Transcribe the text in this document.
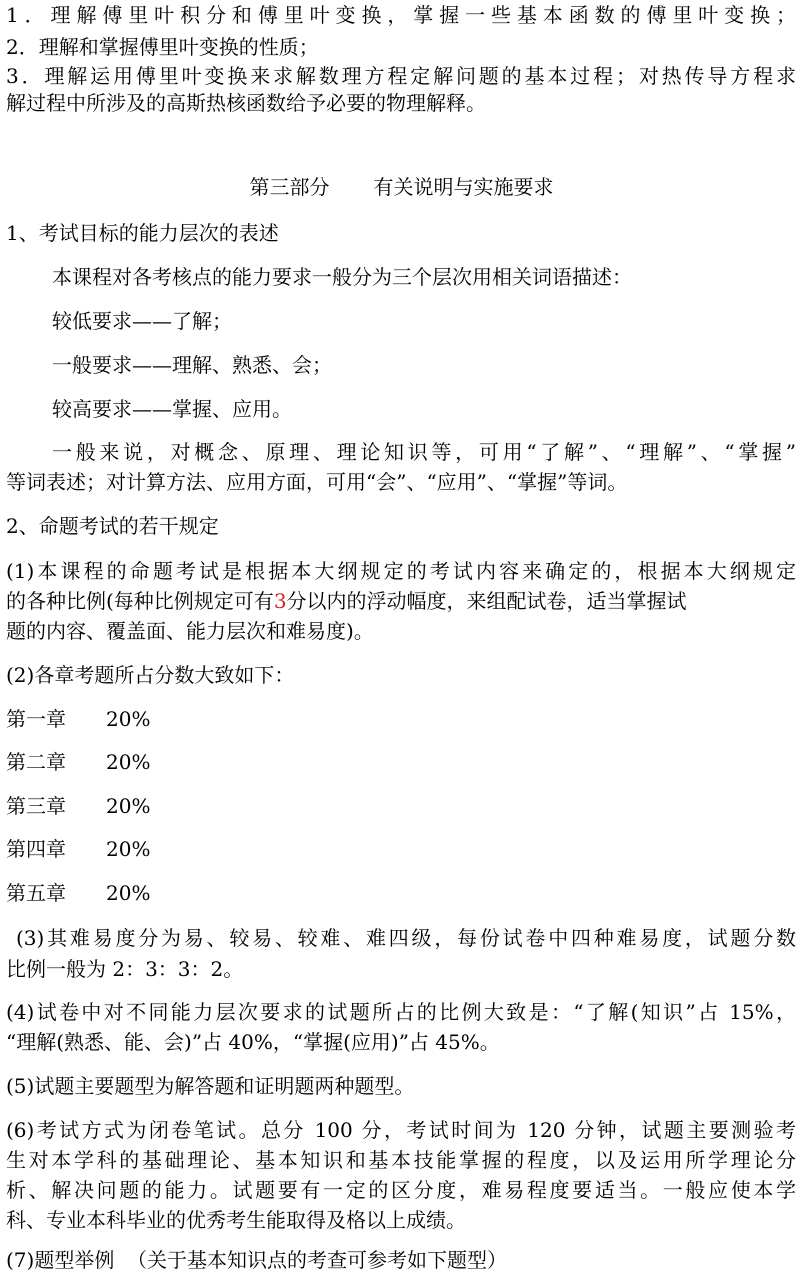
1．理解傅里叶积分和傅里叶变换，掌握一些基本函数的傅里叶变换；
2．理解和掌握傅里叶变换的性质；
3．理解运用傅里叶变换来求解数理方程定解问题的基本过程；对热传导方程求
解过程中所涉及的高斯热核函数给予必要的物理解释。
第三部分 有关说明与实施要求
1、考试目标的能力层次的表述
本课程对各考核点的能力要求一般分为三个层次用相关词语描述：
较低要求——了解；
一般要求——理解、熟悉、会；
较高要求——掌握、应用。
一般来说，对概念、原理、理论知识等，可用“了解”、“理解”、“掌握”
等词表述；对计算方法、应用方面，可用“会”、“应用”、“掌握”等词。
2、命题考试的若干规定
(1)本课程的命题考试是根据本大纲规定的考试内容来确定的，根据本大纲规定
的各种比例(每种比例规定可有3分以内的浮动幅度，来组配试卷，适当掌握试
题的内容、覆盖面、能力层次和难易度)。
(2)各章考题所占分数大致如下：
第一章 20%
第二章 20%
第三章 20%
第四章 20%
第五章 20%
(3)其难易度分为易、较易、较难、难四级，每份试卷中四种难易度，试题分数
比例一般为 2：3：3：2。
(4)试卷中对不同能力层次要求的试题所占的比例大致是：“了解(知识”占 15%，
“理解(熟悉、能、会)”占 40%，“掌握(应用)”占 45%。
(5)试题主要题型为解答题和证明题两种题型。
(6)考试方式为闭卷笔试。总分 100 分，考试时间为 120 分钟，试题主要测验考
生对本学科的基础理论、基本知识和基本技能掌握的程度，以及运用所学理论分
析、解决问题的能力。试题要有一定的区分度，难易程度要适当。一般应使本学
科、专业本科毕业的优秀考生能取得及格以上成绩。
(7)题型举例  （关于基本知识点的考查可参考如下题型）
